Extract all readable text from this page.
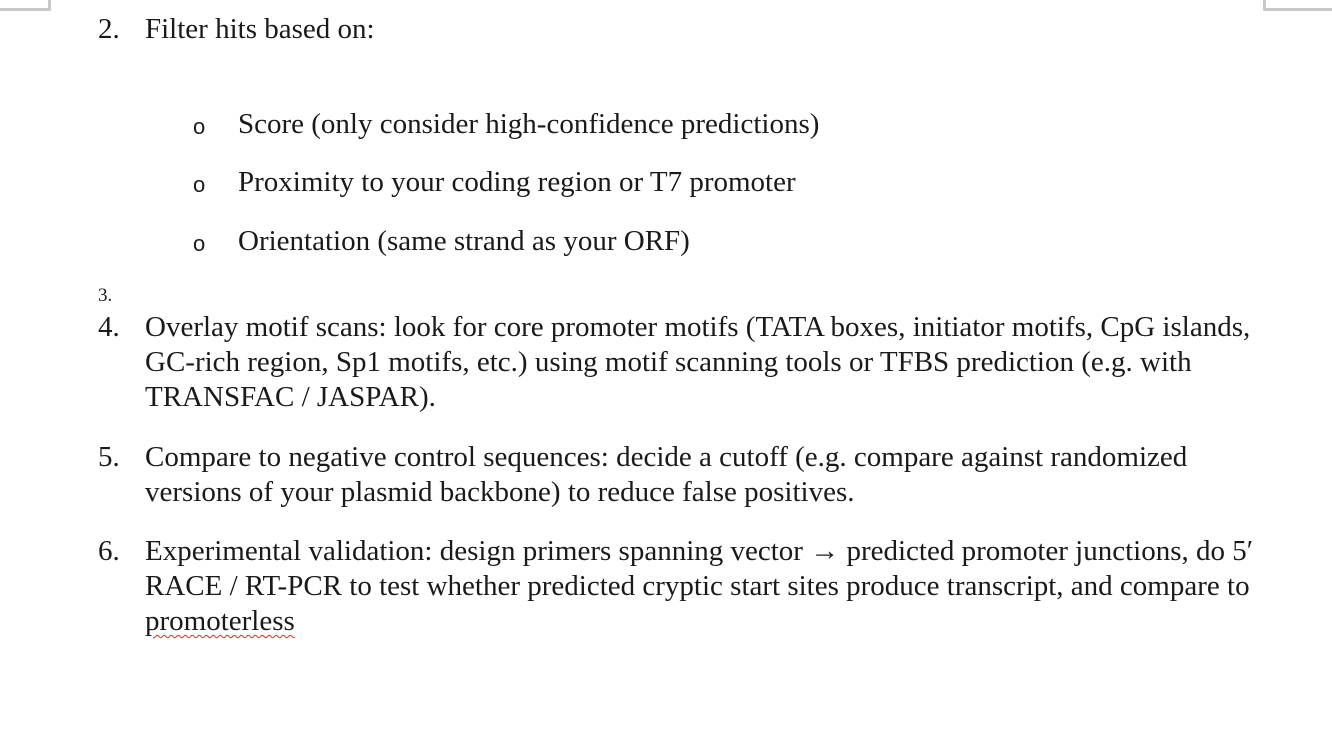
2. Filter hits based on:
o Score (only consider high-confidence predictions)
o Proximity to your coding region or T7 promoter
o Orientation (same strand as your ORF)
3.
4. Overlay motif scans: look for core promoter motifs (TATA boxes, initiator motifs, CpG islands, GC-rich region, Sp1 motifs, etc.) using motif scanning tools or TFBS prediction (e.g. with TRANSFAC / JASPAR).
5. Compare to negative control sequences: decide a cutoff (e.g. compare against randomized versions of your plasmid backbone) to reduce false positives.
6. Experimental validation: design primers spanning vector → predicted promoter junctions, do 5′ RACE / RT-PCR to test whether predicted cryptic start sites produce transcript, and compare to promoterless
